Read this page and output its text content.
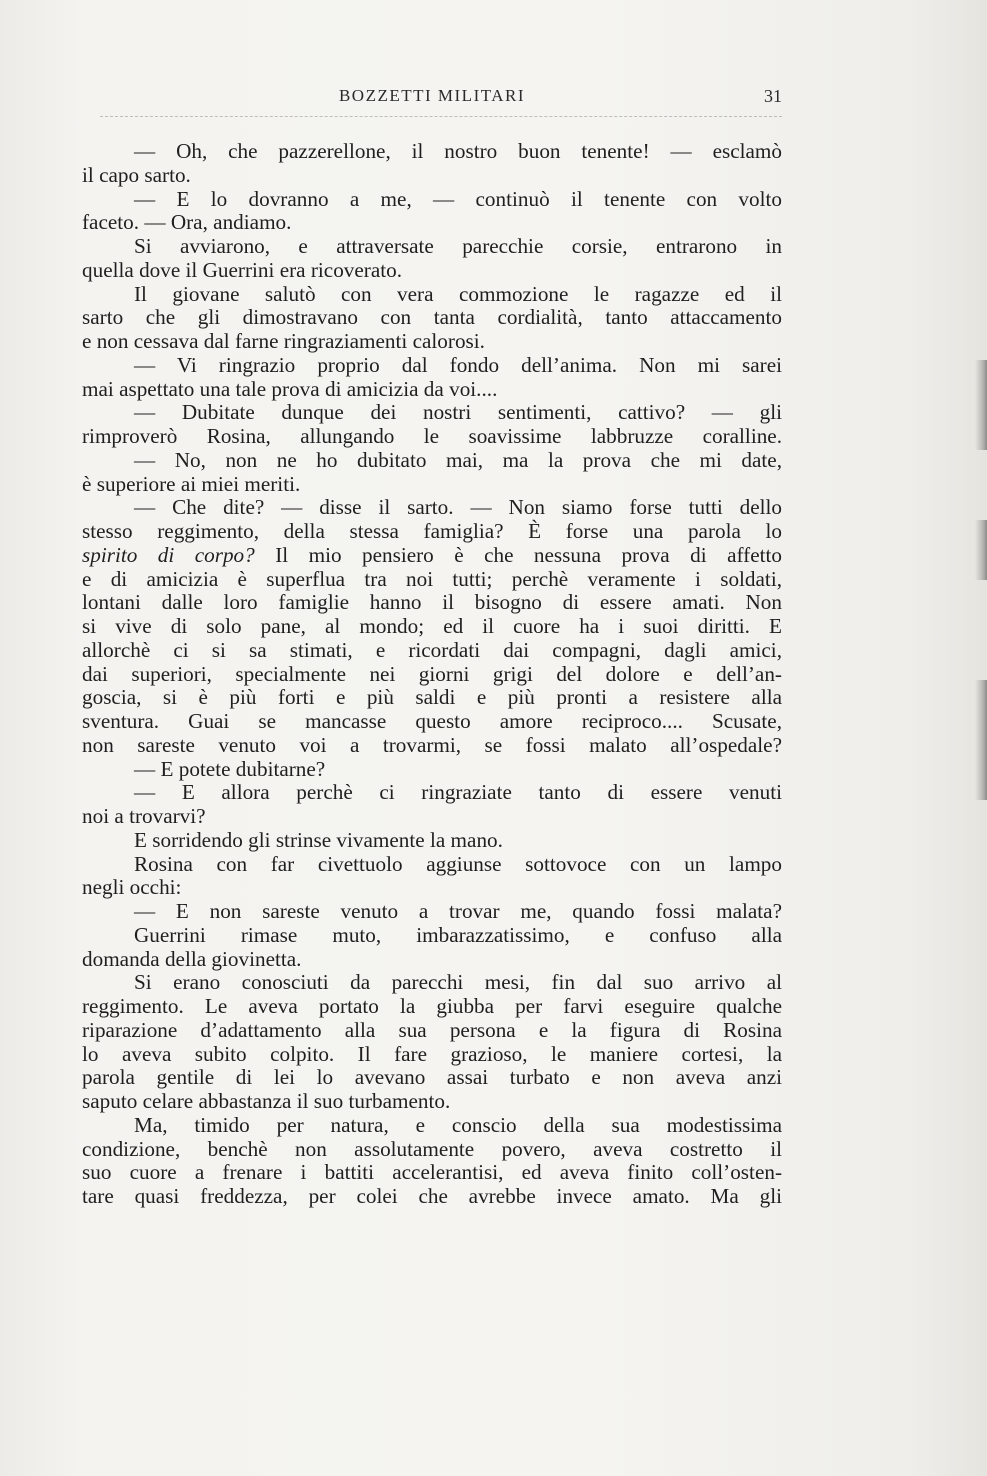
BOZZETTI MILITARI	31
— Oh, che pazzerellone, il nostro buon tenente! — esclamò
il capo sarto.
— E lo dovranno a me, — continuò il tenente con volto
faceto. — Ora, andiamo.
Si avviarono, e attraversate parecchie corsie, entrarono in
quella dove il Guerrini era ricoverato.
Il giovane salutò con vera commozione le ragazze ed il
sarto che gli dimostravano con tanta cordialità, tanto attaccamento
e non cessava dal farne ringraziamenti calorosi.
— Vi ringrazio proprio dal fondo dell’anima. Non mi sarei
mai aspettato una tale prova di amicizia da voi....
— Dubitate dunque dei nostri sentimenti, cattivo? — gli
rimproverò Rosina, allungando le soavissime labbruzze coralline.
— No, non ne ho dubitato mai, ma la prova che mi date,
è superiore ai miei meriti.
— Che dite? — disse il sarto. — Non siamo forse tutti dello
stesso reggimento, della stessa famiglia? È forse una parola lo
spirito di corpo? Il mio pensiero è che nessuna prova di affetto
e di amicizia è superflua tra noi tutti; perchè veramente i soldati,
lontani dalle loro famiglie hanno il bisogno di essere amati. Non
si vive di solo pane, al mondo; ed il cuore ha i suoi diritti. E
allorchè ci si sa stimati, e ricordati dai compagni, dagli amici,
dai superiori, specialmente nei giorni grigi del dolore e dell’an-
goscia, si è più forti e più saldi e più pronti a resistere alla
sventura. Guai se mancasse questo amore reciproco.... Scusate,
non sareste venuto voi a trovarmi, se fossi malato all’ospedale?
— E potete dubitarne?
— E allora perchè ci ringraziate tanto di essere venuti
noi a trovarvi?
E sorridendo gli strinse vivamente la mano.
Rosina con far civettuolo aggiunse sottovoce con un lampo
negli occhi:
— E non sareste venuto a trovar me, quando fossi malata?
Guerrini rimase muto, imbarazzatissimo, e confuso alla
domanda della giovinetta.
Si erano conosciuti da parecchi mesi, fin dal suo arrivo al
reggimento. Le aveva portato la giubba per farvi eseguire qualche
riparazione d’adattamento alla sua persona e la figura di Rosina
lo aveva subito colpito. Il fare grazioso, le maniere cortesi, la
parola gentile di lei lo avevano assai turbato e non aveva anzi
saputo celare abbastanza il suo turbamento.
Ma, timido per natura, e conscio della sua modestissima
condizione, benchè non assolutamente povero, aveva costretto il
suo cuore a frenare i battiti accelerantisi, ed aveva finito coll’osten-
tare quasi freddezza, per colei che avrebbe invece amato. Ma gli
